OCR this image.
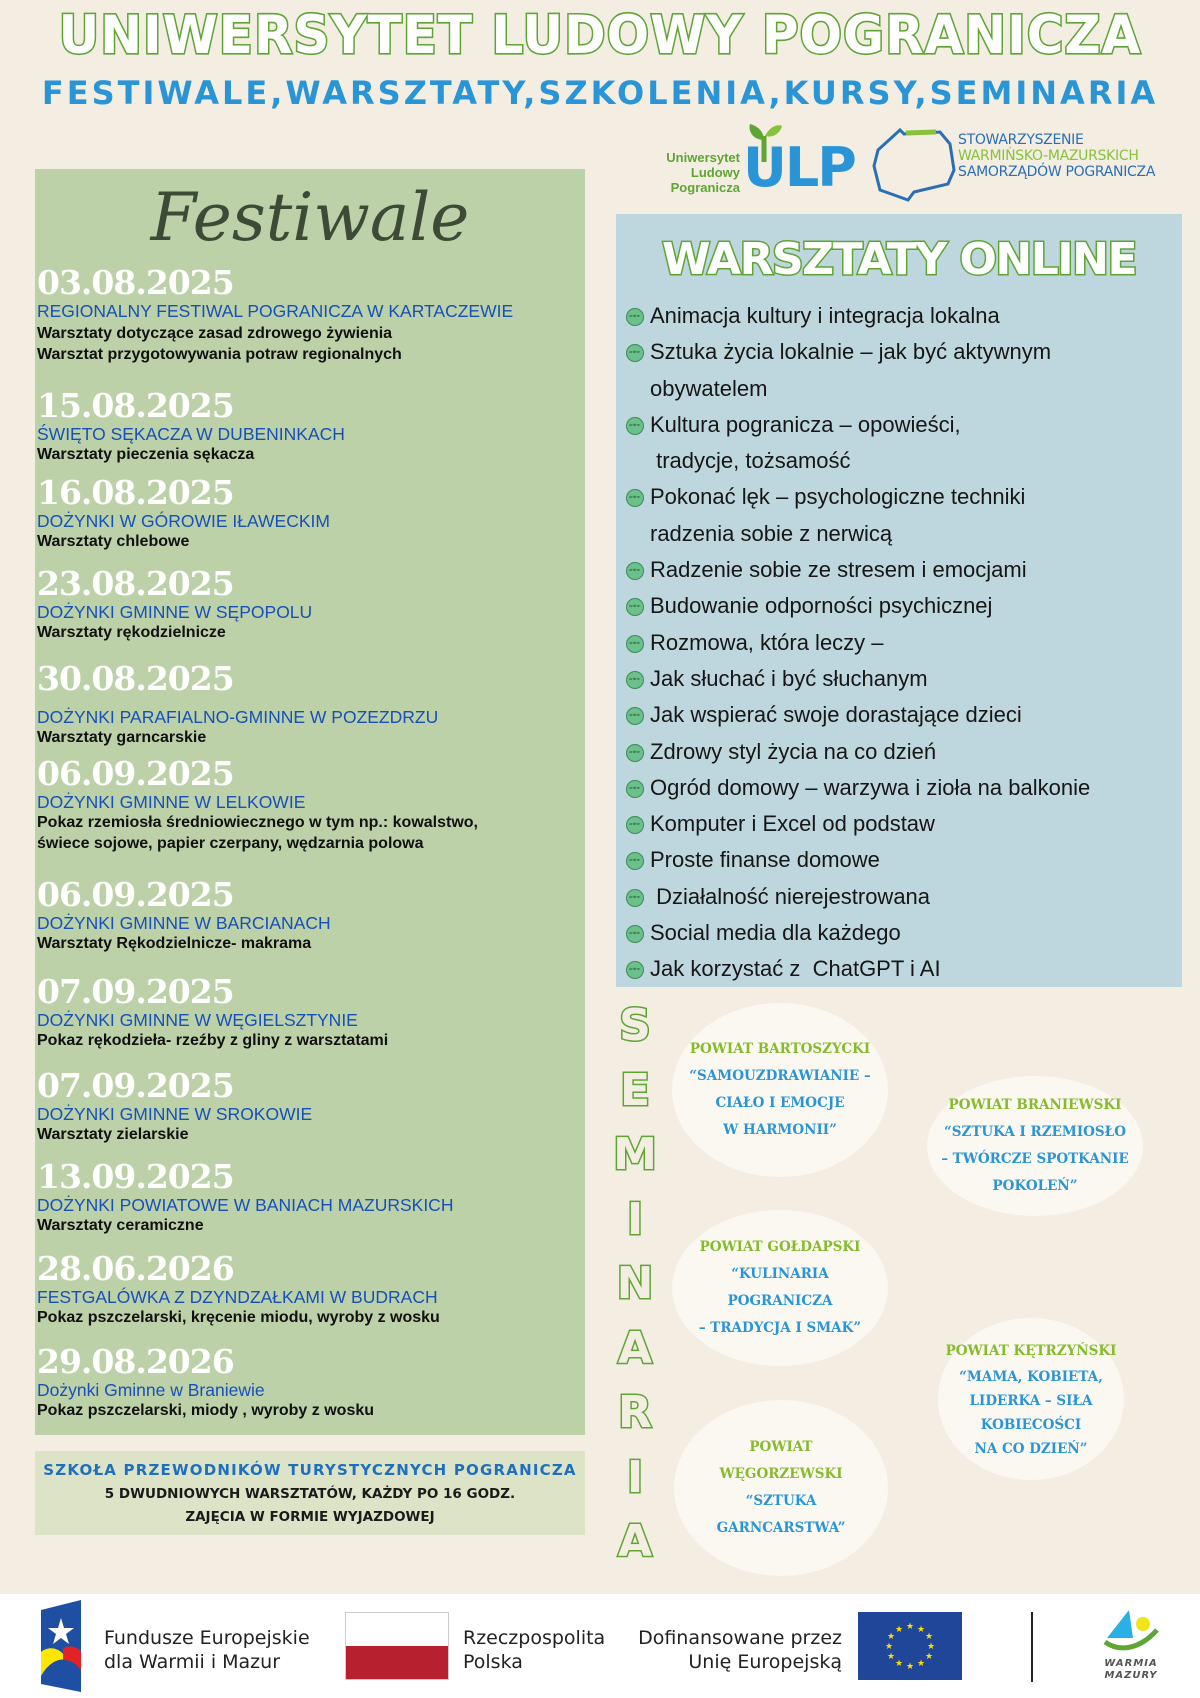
UNIWERSYTET LUDOWY POGRANICZA
FESTIWALE,WARSZTATY,SZKOLENIA,KURSY,SEMINARIA
Uniwersytet
Ludowy
Pogranicza ULP	STOWARZYSZENIE
WARMIŃSKO-MAZURSKICH
SAMORZĄDÓW POGRANICZA
Festiwale
03.08.2025
REGIONALNY FESTIWAL POGRANICZA W KARTACZEWIE
Warsztaty dotyczące zasad zdrowego żywienia
Warsztat przygotowywania potraw regionalnych
15.08.2025
ŚWIĘTO SĘKACZA W DUBENINKACH
Warsztaty pieczenia sękacza
16.08.2025
DOŻYNKI W GÓROWIE IŁAWECKIM
Warsztaty chlebowe
23.08.2025
DOŻYNKI GMINNE W SĘPOPOLU
Warsztaty rękodzielnicze
30.08.2025
DOŻYNKI PARAFIALNO-GMINNE W POZEZDRZU
Warsztaty garncarskie
06.09.2025
DOŻYNKI GMINNE W LELKOWIE
Pokaz rzemiosła średniowiecznego w tym np.: kowalstwo,
świece sojowe, papier czerpany, wędzarnia polowa
06.09.2025
DOŻYNKI GMINNE W BARCIANACH
Warsztaty Rękodzielnicze- makrama
07.09.2025
DOŻYNKI GMINNE W WĘGIELSZTYNIE
Pokaz rękodzieła- rzeźby z gliny z warsztatami
07.09.2025
DOŻYNKI GMINNE W SROKOWIE
Warsztaty zielarskie
13.09.2025
DOŻYNKI POWIATOWE W BANIACH MAZURSKICH
Warsztaty ceramiczne
28.06.2026
FESTGALÓWKA Z DZYNDZAŁKAMI W BUDRACH
Pokaz pszczelarski, kręcenie miodu, wyroby z wosku
29.08.2026
Dożynki Gminne w Braniewie
Pokaz pszczelarski, miody , wyroby z wosku
SZKOŁA PRZEWODNIKÓW TURYSTYCZNYCH POGRANICZA
5 DWUDNIOWYCH WARSZTATÓW, KAŻDY PO 16 GODZ.
ZAJĘCIA W FORMIE WYJAZDOWEJ
WARSZTATY ONLINE
online
Animacja kultury i integracja lokalna
online
Sztuka życia lokalnie – jak być aktywnym
obywatelem
online
Kultura pogranicza – opowieści,
tradycje, tożsamość
online
Pokonać lęk – psychologiczne techniki
radzenia sobie z nerwicą
online
Radzenie sobie ze stresem i emocjami
online
Budowanie odporności psychicznej
online
Rozmowa, która leczy –
online
Jak słuchać i być słuchanym
online
Jak wspierać swoje dorastające dzieci
online
Zdrowy styl życia na co dzień
online
Ogród domowy – warzywa i zioła na balkonie
online
Komputer i Excel od podstaw
online
Proste finanse domowe
online
Działalność nierejestrowana
online
Social media dla każdego
online
Jak korzystać z  ChatGPT i AI
S
E
M
I
N
A
R
I
A
POWIAT BARTOSZYCKI
“SAMOUZDRAWIANIE –
CIAŁO I EMOCJE
W HARMONII”
POWIAT BRANIEWSKI
“SZTUKA I RZEMIOSŁO
– TWÓRCZE SPOTKANIE
POKOLEŃ”
POWIAT GOŁDAPSKI
“KULINARIA
POGRANICZA
– TRADYCJA I SMAK”
POWIAT KĘTRZYŃSKI
“MAMA, KOBIETA,
LIDERKA – SIŁA
KOBIECOŚCI
NA CO DZIEŃ”
POWIAT
WĘGORZEWSKI
“SZTUKA
GARNCARSTWA”
Fundusze Europejskie
dla Warmii i Mazur
Rzeczpospolita
Polska
Dofinansowane przez
Unię Europejską
★ ★
★
★
★
★
★
★
★
★
★
★
WARMIA
MAZURY
